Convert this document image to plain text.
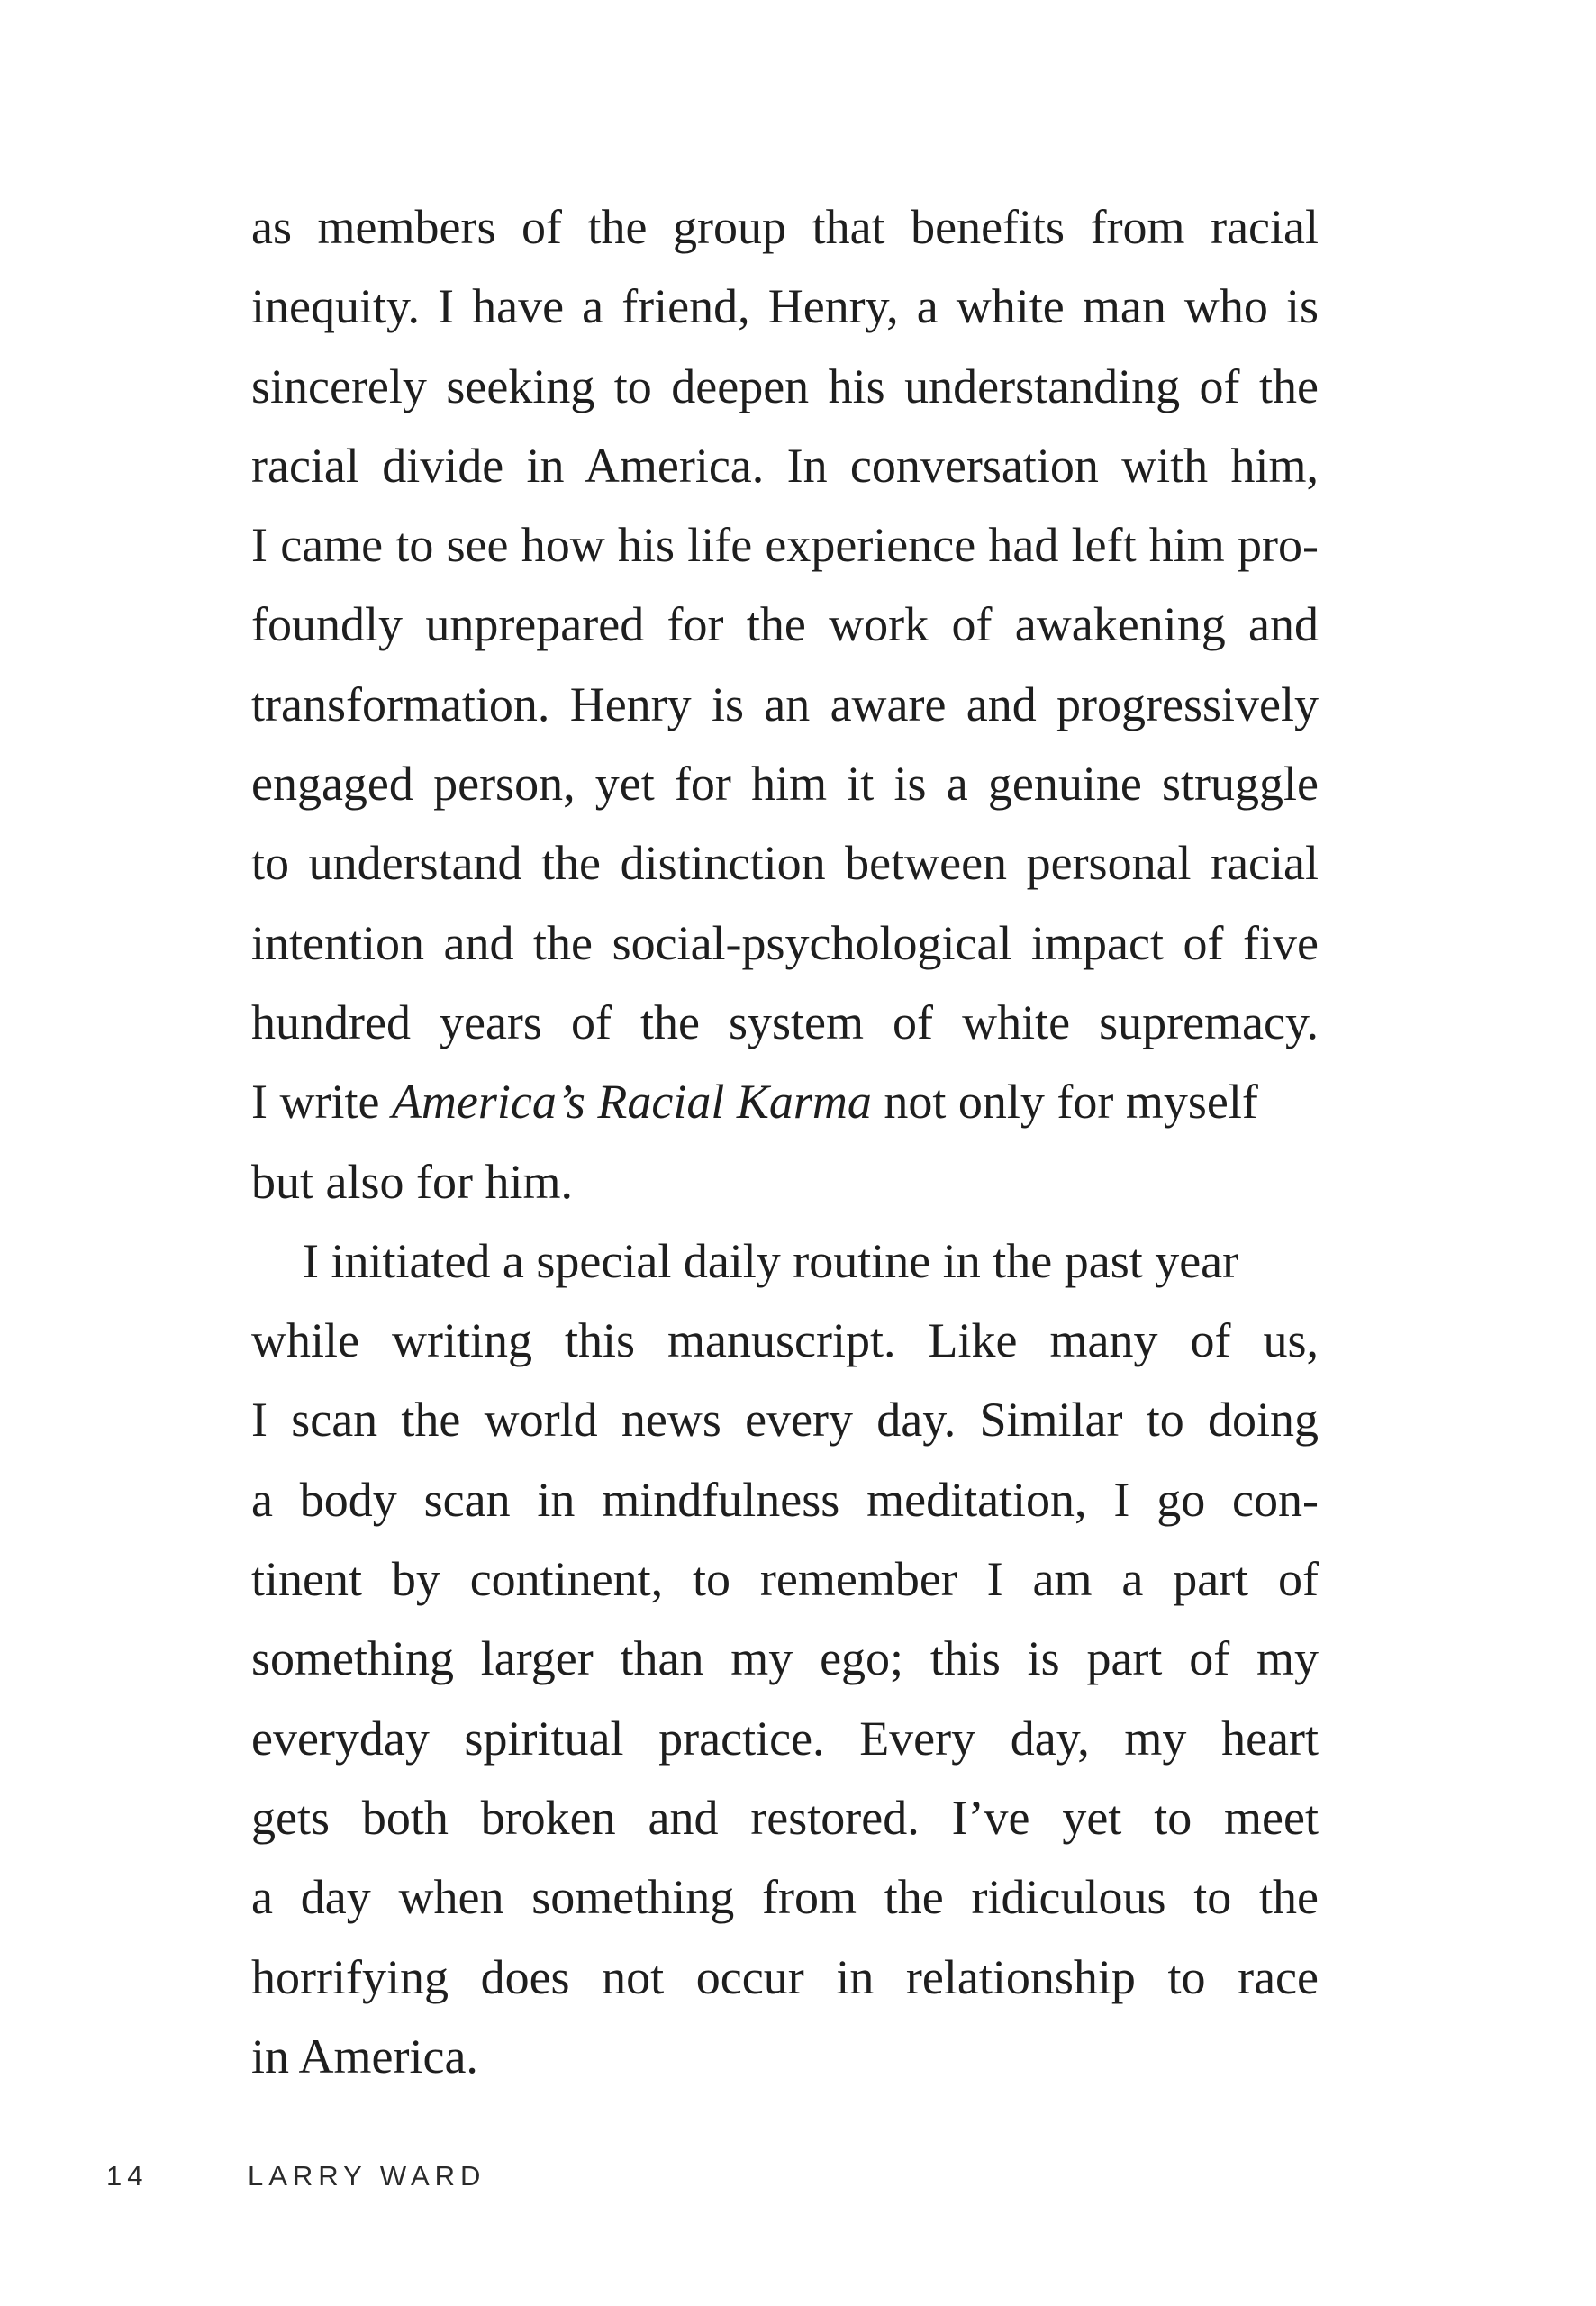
as members of the group that benefits from racial
inequity. I have a friend, Henry, a white man who is
sincerely seeking to deepen his understanding of the
racial divide in America. In conversation with him,
I came to see how his life experience had left him pro-
foundly unprepared for the work of awakening and
transformation. Henry is an aware and progressively
engaged person, yet for him it is a genuine struggle
to understand the distinction between personal racial
intention and the social-psychological impact of five
hundred years of the system of white supremacy.
I write America’s Racial Karma not only for myself
but also for him.
I initiated a special daily routine in the past year
while writing this manuscript. Like many of us,
I scan the world news every day. Similar to doing
a body scan in mindfulness meditation, I go con-
tinent by continent, to remember I am a part of
something larger than my ego; this is part of my
everyday spiritual practice. Every day, my heart
gets both broken and restored. I’ve yet to meet
a day when something from the ridiculous to the
horrifying does not occur in relationship to race
in America.
14	LARRY WARD
